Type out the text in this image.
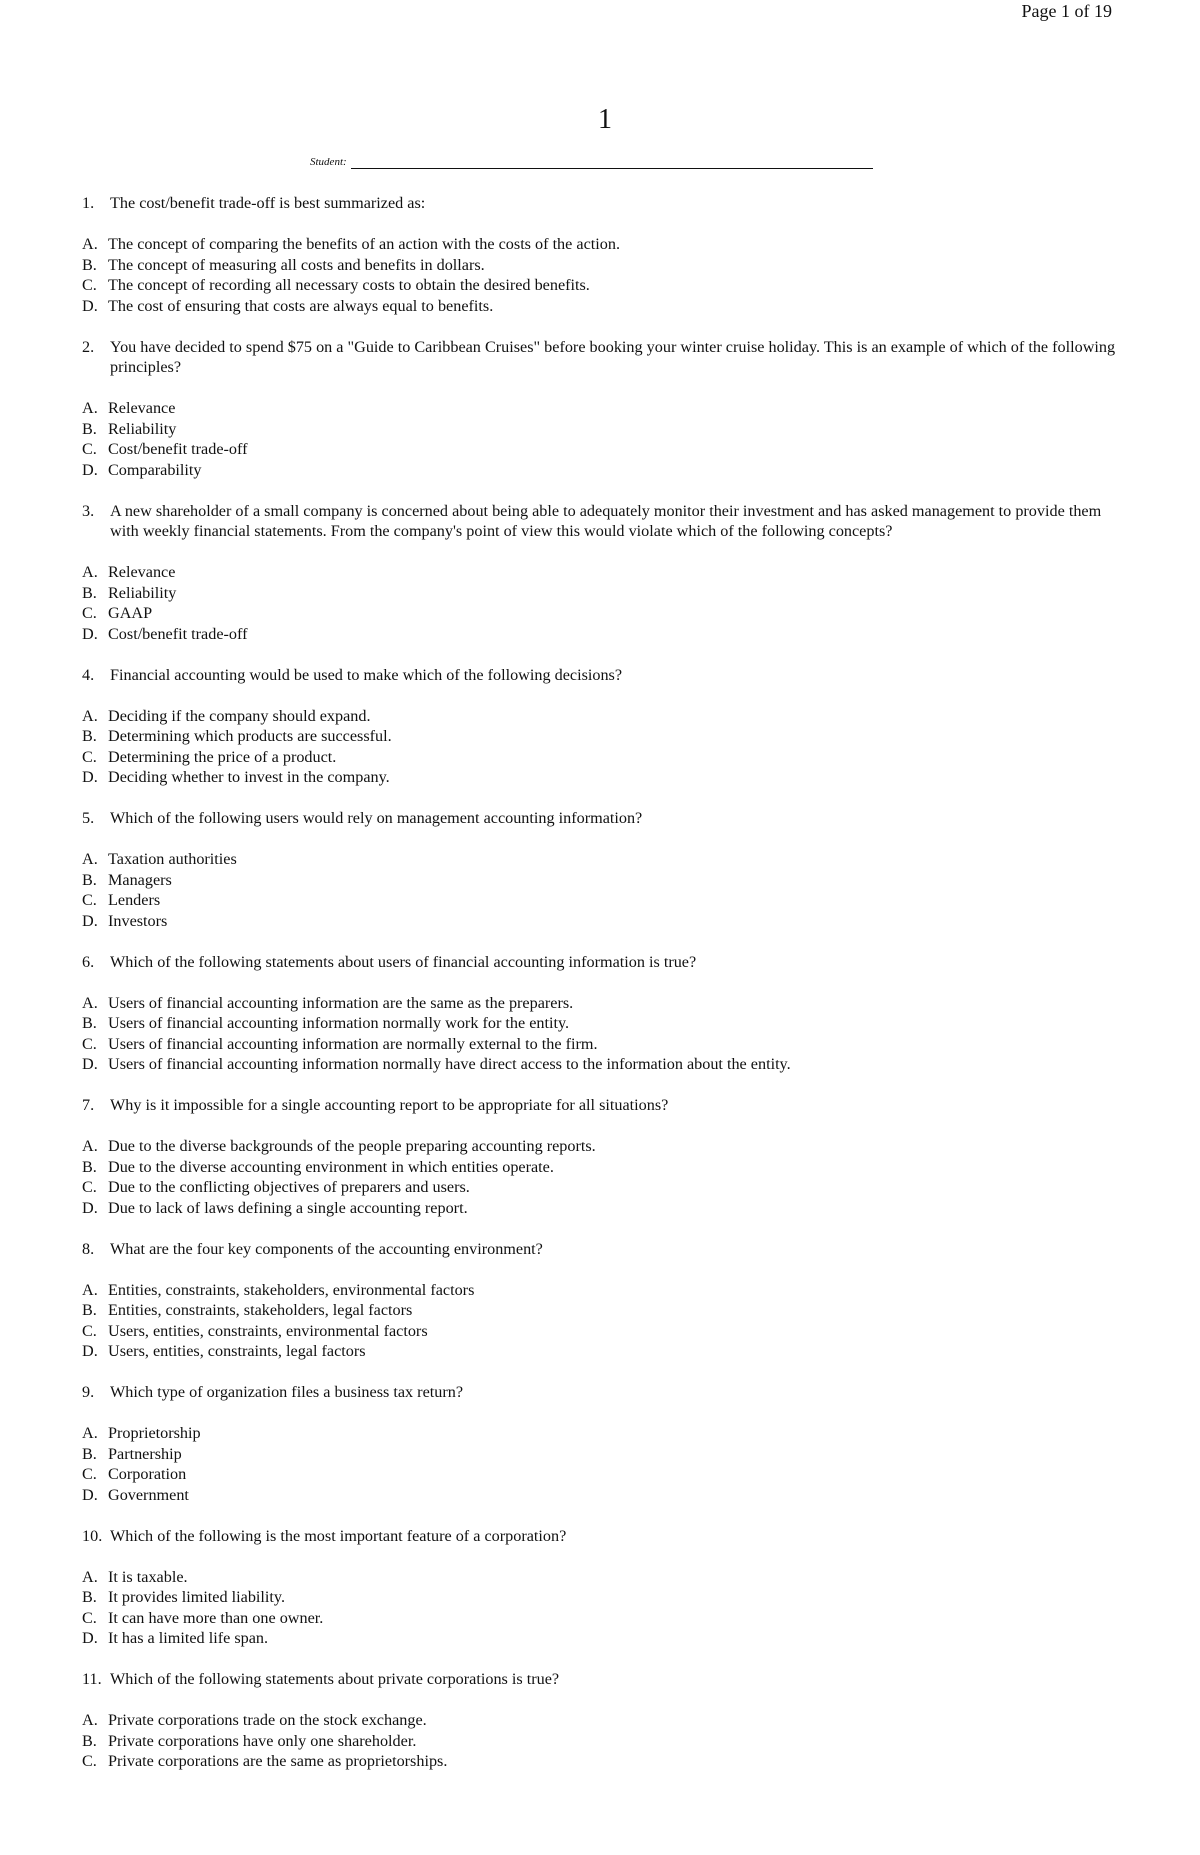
Page 1 of 19
1
Student:
1. The cost/benefit trade-off is best summarized as:
A. The concept of comparing the benefits of an action with the costs of the action.
B. The concept of measuring all costs and benefits in dollars.
C. The concept of recording all necessary costs to obtain the desired benefits.
D. The cost of ensuring that costs are always equal to benefits.
2. You have decided to spend $75 on a "Guide to Caribbean Cruises" before booking your winter cruise holiday. This is an example of which of the following principles?
A. Relevance
B. Reliability
C. Cost/benefit trade-off
D. Comparability
3. A new shareholder of a small company is concerned about being able to adequately monitor their investment and has asked management to provide them with weekly financial statements. From the company's point of view this would violate which of the following concepts?
A. Relevance
B. Reliability
C. GAAP
D. Cost/benefit trade-off
4. Financial accounting would be used to make which of the following decisions?
A. Deciding if the company should expand.
B. Determining which products are successful.
C. Determining the price of a product.
D. Deciding whether to invest in the company.
5. Which of the following users would rely on management accounting information?
A. Taxation authorities
B. Managers
C. Lenders
D. Investors
6. Which of the following statements about users of financial accounting information is true?
A. Users of financial accounting information are the same as the preparers.
B. Users of financial accounting information normally work for the entity.
C. Users of financial accounting information are normally external to the firm.
D. Users of financial accounting information normally have direct access to the information about the entity.
7. Why is it impossible for a single accounting report to be appropriate for all situations?
A. Due to the diverse backgrounds of the people preparing accounting reports.
B. Due to the diverse accounting environment in which entities operate.
C. Due to the conflicting objectives of preparers and users.
D. Due to lack of laws defining a single accounting report.
8. What are the four key components of the accounting environment?
A. Entities, constraints, stakeholders, environmental factors
B. Entities, constraints, stakeholders, legal factors
C. Users, entities, constraints, environmental factors
D. Users, entities, constraints, legal factors
9. Which type of organization files a business tax return?
A. Proprietorship
B. Partnership
C. Corporation
D. Government
10. Which of the following is the most important feature of a corporation?
A. It is taxable.
B. It provides limited liability.
C. It can have more than one owner.
D. It has a limited life span.
11. Which of the following statements about private corporations is true?
A. Private corporations trade on the stock exchange.
B. Private corporations have only one shareholder.
C. Private corporations are the same as proprietorships.
